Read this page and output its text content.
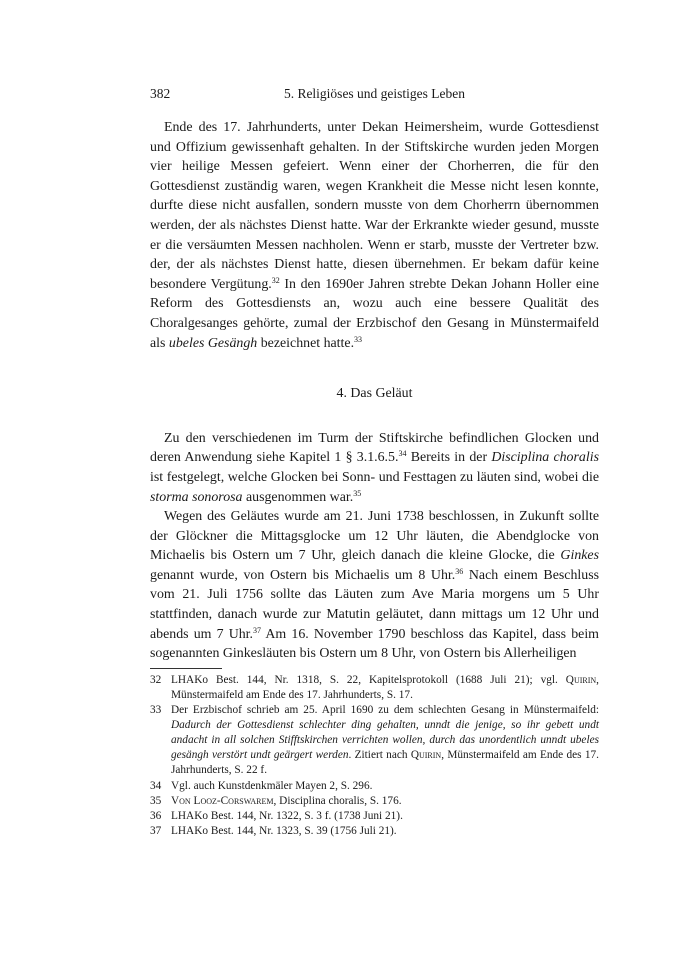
382	5. Religiöses und geistiges Leben

Ende des 17. Jahrhunderts, unter Dekan Heimersheim, wurde Gottesdienst und Offizium gewissenhaft gehalten. In der Stiftskirche wurden jeden Morgen vier heilige Messen gefeiert. Wenn einer der Chorherren, die für den Gottesdienst zuständig waren, wegen Krankheit die Messe nicht lesen konnte, durfte diese nicht ausfallen, sondern musste von dem Chorherrn übernommen werden, der als nächstes Dienst hatte. War der Erkrankte wieder gesund, musste er die versäumten Messen nachholen. Wenn er starb, musste der Vertreter bzw. der, der als nächstes Dienst hatte, diesen übernehmen. Er bekam dafür keine besondere Vergütung.$^{32}$ In den 1690er Jahren strebte Dekan Johann Holler eine Reform des Gottesdiensts an, wozu auch eine bessere Qualität des Choralgesanges gehörte, zumal der Erzbischof den Gesang in Münstermaifeld als ubeles Gesängh bezeichnet hatte.$^{33}$

4. Das Geläut

Zu den verschiedenen im Turm der Stiftskirche befindlichen Glocken und deren Anwendung siehe Kapitel 1 § 3.1.6.5.34 Bereits in der Disciplina choralis ist festgelegt, welche Glocken bei Sonn- und Festtagen zu läuten sind, wobei die storma sonorosa ausgenommen war.$^{35}$

Wegen des Geläutes wurde am 21. Juni 1738 beschlossen, in Zukunft sollte der Glöckner die Mittagsglocke um 12 Uhr läuten, die Abendglocke von Michaelis bis Ostern um 7 Uhr, gleich danach die kleine Glocke, die Ginkes genannt wurde, von Ostern bis Michaelis um 8 Uhr.$^{36}$ Nach einem Beschluss vom 21. Juli 1756 sollte das Läuten zum Ave Maria morgens um 5 Uhr stattfinden, danach wurde zur Matutin geläutet, dann mittags um 12 Uhr und abends um 7 Uhr.$^{37}$ Am 16. November 1790 beschloss das Kapitel, dass beim sogenannten Ginkesläuten bis Ostern um 8 Uhr, von Ostern bis Allerheiligen

32 LHAKo Best. 144, Nr. 1318, S. 22, Kapitelsprotokoll (1688 Juli 21); vgl. Quirin, Münstermaifeld am Ende des 17. Jahrhunderts, S. 17.
33 Der Erzbischof schrieb am 25. April 1690 zu dem schlechten Gesang in Münstermaifeld: Dadurch der Gottesdienst schlechter ding gehalten, unndt die jenige, so ihr gebett undt andacht in all solchen Stifftskirchen verrichten wollen, durch das unordentlich unndt ubeles gesängh verstört undt geärgert werden. Zitiert nach Quirin, Münstermaifeld am Ende des 17. Jahrhunderts, S. 22 f.
34 Vgl. auch Kunstdenkmäler Mayen 2, S. 296.
35 Von Looz-Corswarem, Disciplina choralis, S. 176.
36 LHAKo Best. 144, Nr. 1322, S. 3 f. (1738 Juni 21).
37 LHAKo Best. 144, Nr. 1323, S. 39 (1756 Juli 21).
